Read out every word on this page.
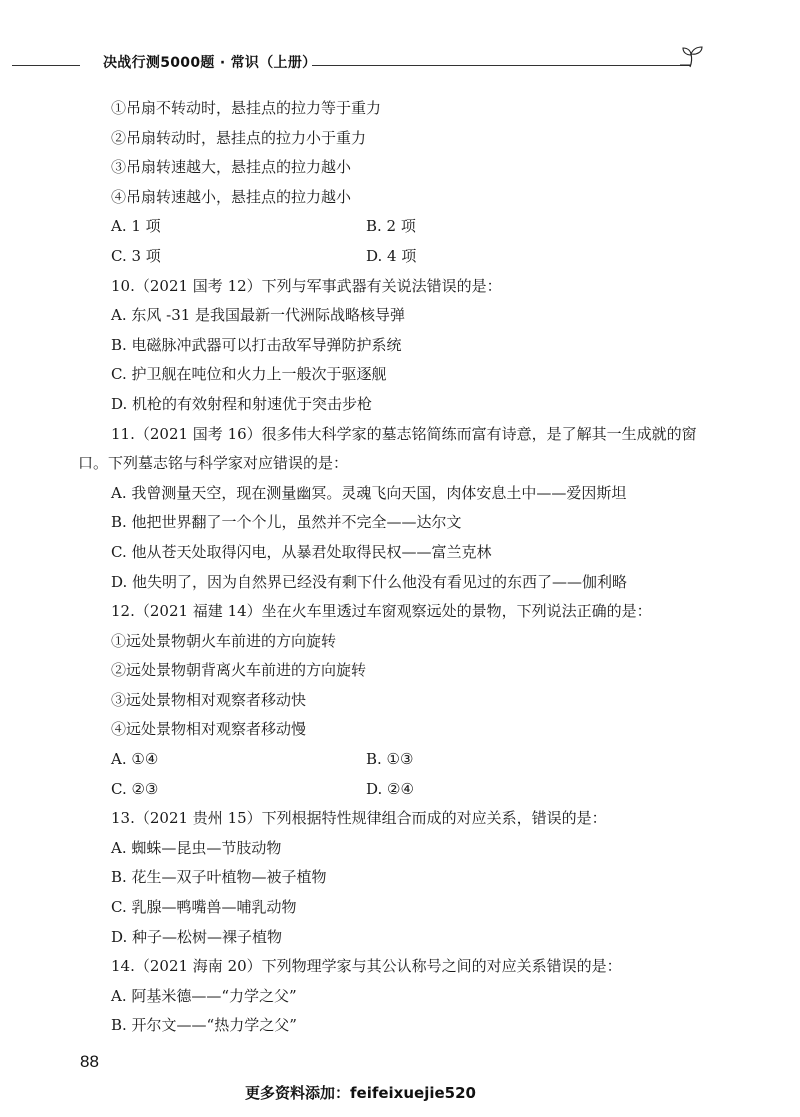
决战行测5000题 · 常识（上册）
①吊扇不转动时，悬挂点的拉力等于重力
②吊扇转动时，悬挂点的拉力小于重力
③吊扇转速越大，悬挂点的拉力越小
④吊扇转速越小，悬挂点的拉力越小
A. 1 项	B. 2 项
C. 3 项	D. 4 项
10.（2021 国考 12）下列与军事武器有关说法错误的是：
A. 东风 -31 是我国最新一代洲际战略核导弹
B. 电磁脉冲武器可以打击敌军导弹防护系统
C. 护卫舰在吨位和火力上一般次于驱逐舰
D. 机枪的有效射程和射速优于突击步枪
11.（2021 国考 16）很多伟大科学家的墓志铭简练而富有诗意，是了解其一生成就的窗口。下列墓志铭与科学家对应错误的是：
A. 我曾测量天空，现在测量幽冥。灵魂飞向天国，肉体安息土中——爱因斯坦
B. 他把世界翻了一个个儿，虽然并不完全——达尔文
C. 他从苍天处取得闪电，从暴君处取得民权——富兰克林
D. 他失明了，因为自然界已经没有剩下什么他没有看见过的东西了——伽利略
12.（2021 福建 14）坐在火车里透过车窗观察远处的景物，下列说法正确的是：
①远处景物朝火车前进的方向旋转
②远处景物朝背离火车前进的方向旋转
③远处景物相对观察者移动快
④远处景物相对观察者移动慢
A. ①④	B. ①③
C. ②③	D. ②④
13.（2021 贵州 15）下列根据特性规律组合而成的对应关系，错误的是：
A. 蜘蛛—昆虫—节肢动物
B. 花生—双子叶植物—被子植物
C. 乳腺—鸭嘴兽—哺乳动物
D. 种子—松树—裸子植物
14.（2021 海南 20）下列物理学家与其公认称号之间的对应关系错误的是：
A. 阿基米德——“力学之父”
B. 开尔文——“热力学之父”
88
更多资料添加：feifeixuejie520
